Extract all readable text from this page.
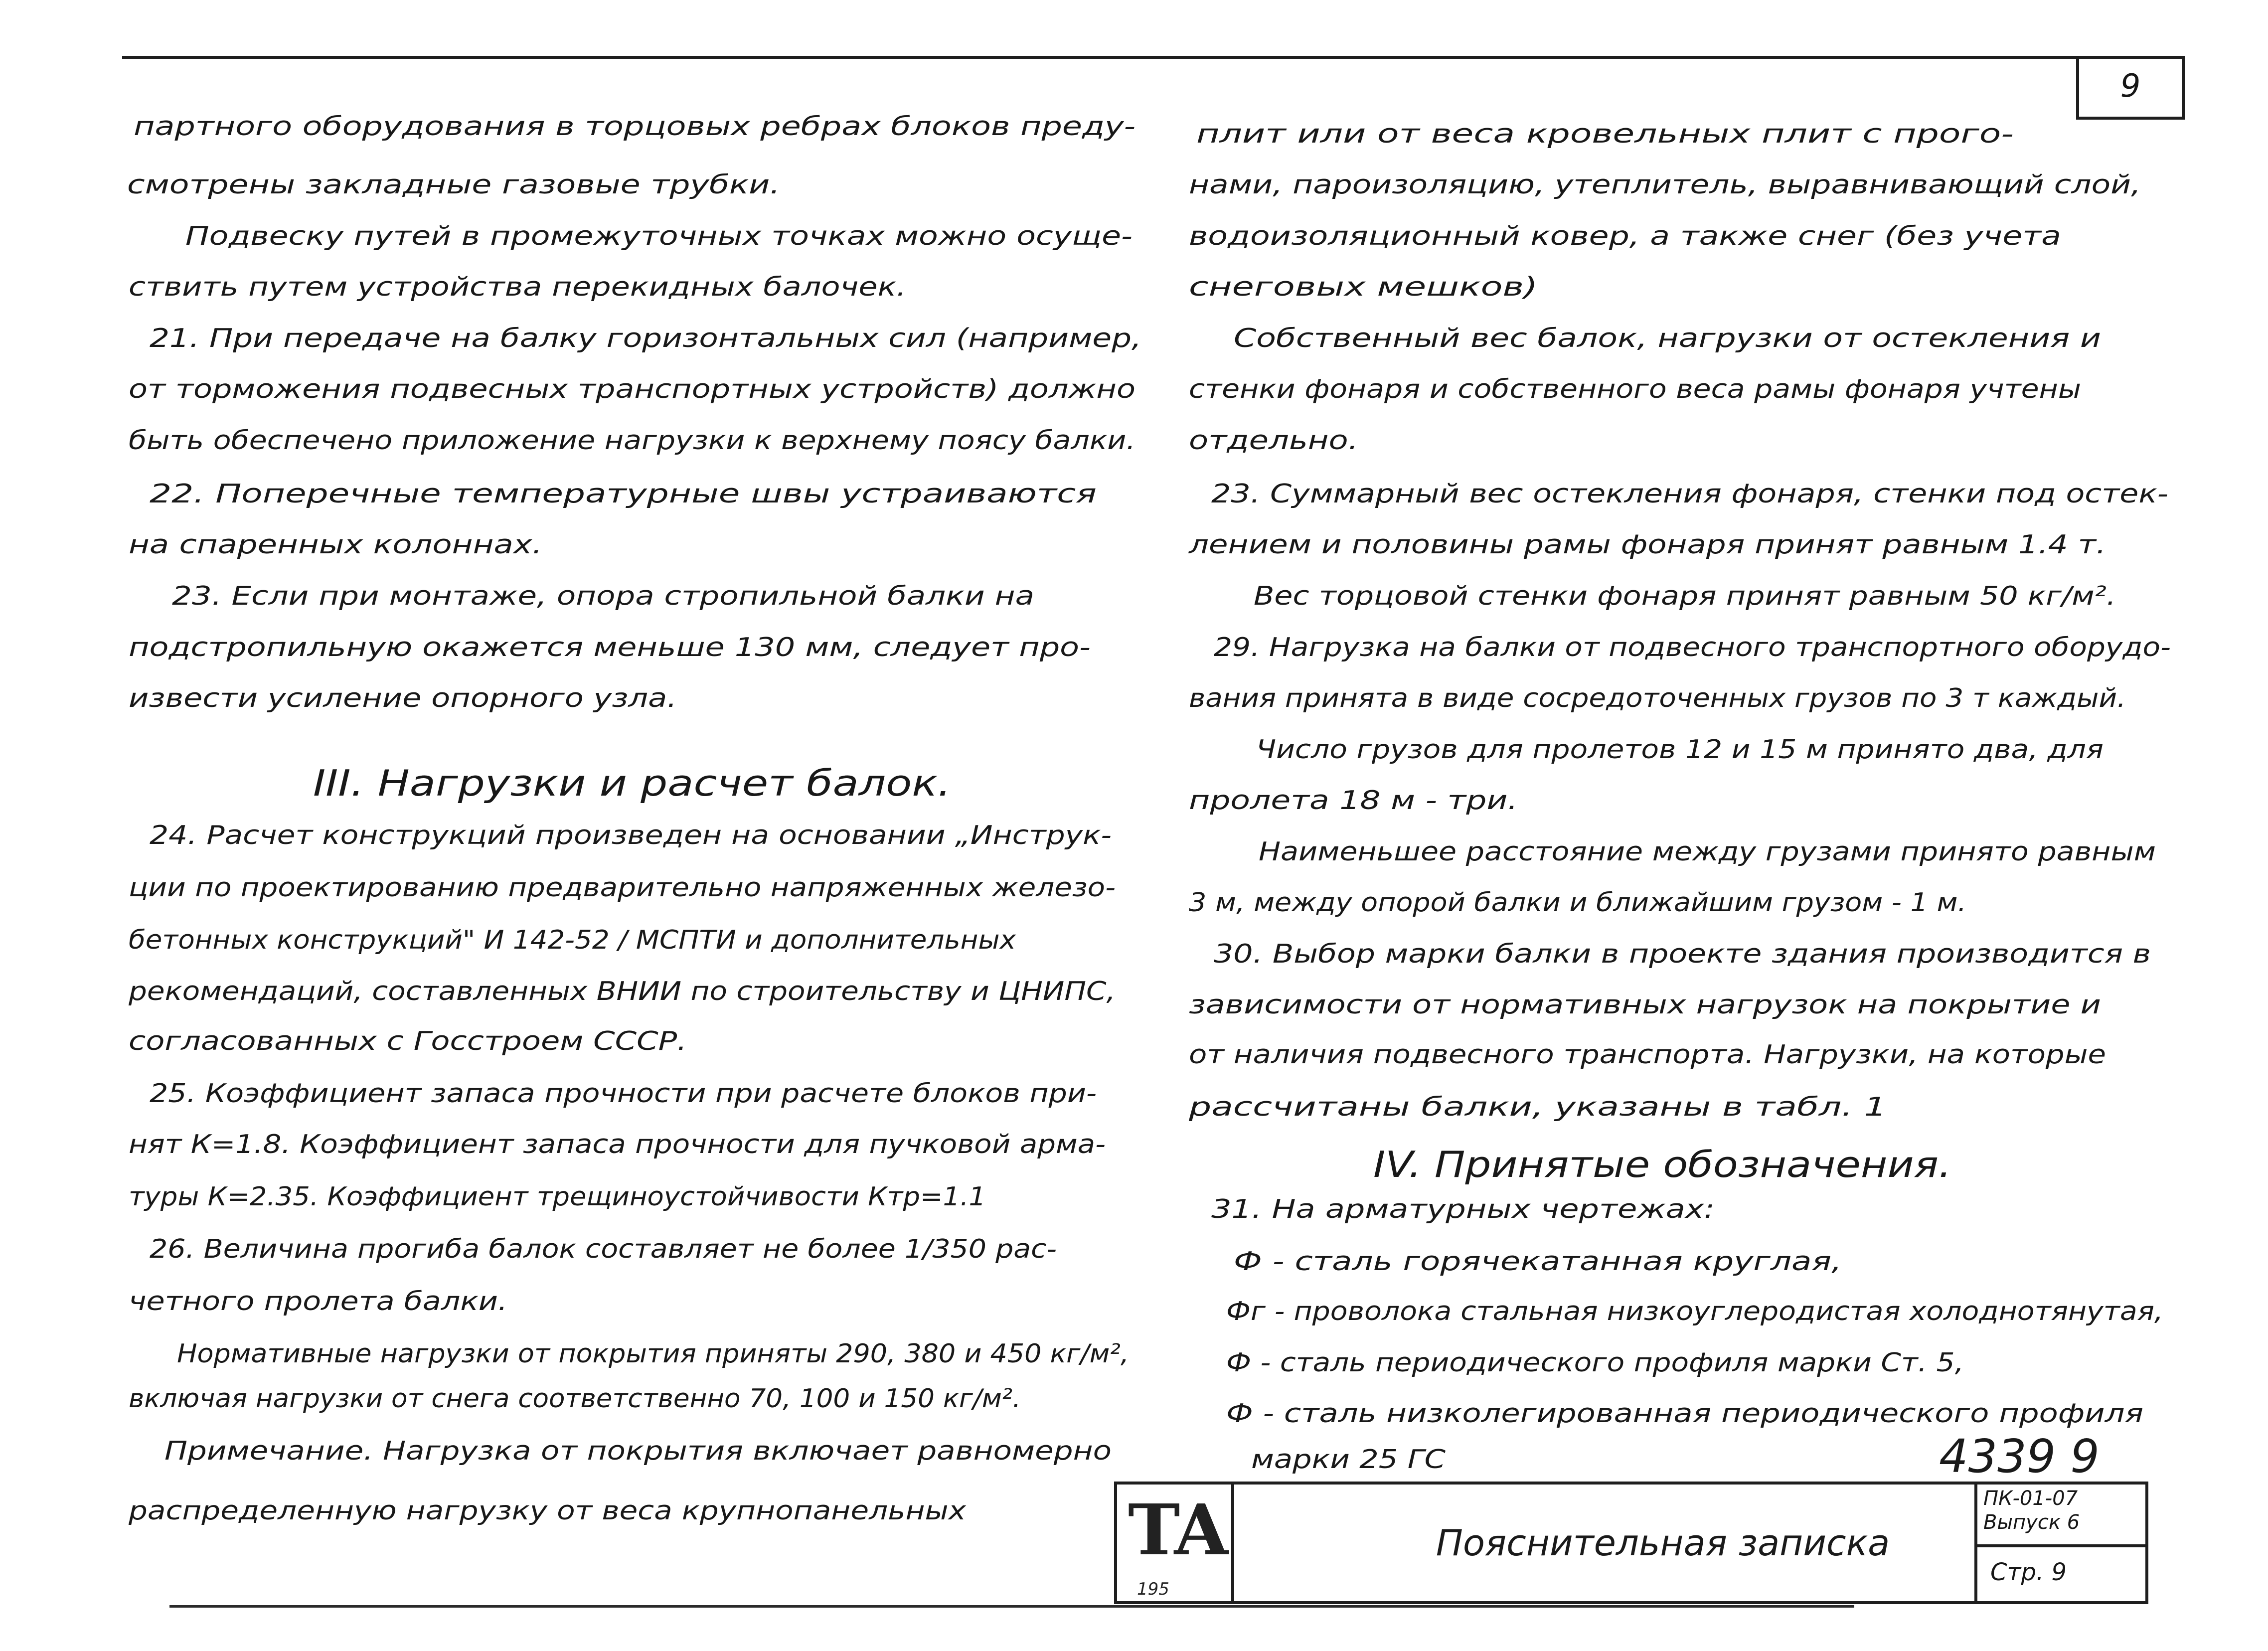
9
партного оборудования в торцовых ребрах блоков преду-
смотрены закладные газовые трубки.
Подвеску путей в промежуточных точках можно осуще-
ствить путем устройства перекидных балочек.
21. При передаче на балку горизонтальных сил (например,
от торможения подвесных транспортных устройств) должно
быть обеспечено приложение нагрузки к верхнему поясу балки.
22. Поперечные температурные швы устраиваются
на спаренных колоннах.
23. Если при монтаже, опора стропильной балки на
подстропильную окажется меньше 130 мм, следует про-
извести усиление опорного узла.
III. Нагрузки и расчет балок.
24. Расчет конструкций произведен на основании „Инструк-
ции по проектированию предварительно напряженных железо-
бетонных конструкций" И 142-52 / МСПТИ и дополнительных
рекомендаций, составленных ВНИИ по строительству и ЦНИПС,
согласованных с Госстроем СССР.
25. Коэффициент запаса прочности при расчете блоков при-
нят К=1.8. Коэффициент запаса прочности для пучковой арма-
туры К=2.35. Коэффициент трещиноустойчивости Ктр=1.1
26. Величина прогиба балок составляет не более 1/350 рас-
четного пролета балки.
Нормативные нагрузки от покрытия приняты 290, 380 и 450 кг/м²,
включая нагрузки от снега соответственно 70, 100 и 150 кг/м².
Примечание. Нагрузка от покрытия включает равномерно
распределенную нагрузку от веса крупнопанельных
плит или от веса кровельных плит с прого-
нами, пароизоляцию, утеплитель, выравнивающий слой,
водоизоляционный ковер, а также снег (без учета
снеговых мешков)
Собственный вес балок, нагрузки от остекления и
стенки фонаря и собственного веса рамы фонаря учтены
отдельно.
23. Суммарный вес остекления фонаря, стенки под остек-
лением и половины рамы фонаря принят равным 1.4 т.
Вес торцовой стенки фонаря принят равным 50 кг/м².
29. Нагрузка на балки от подвесного транспортного оборудо-
вания принята в виде сосредоточенных грузов по 3 т каждый.
Число грузов для пролетов 12 и 15 м принято два, для
пролета 18 м - три.
Наименьшее расстояние между грузами принято равным
3 м, между опорой балки и ближайшим грузом - 1 м.
30. Выбор марки балки в проекте здания производится в
зависимости от нормативных нагрузок на покрытие и
от наличия подвесного транспорта. Нагрузки, на которые
рассчитаны балки, указаны в табл. 1
IV. Принятые обозначения.
31. На арматурных чертежах:
Ф - сталь горячекатанная круглая,
Фг - проволока стальная низкоуглеродистая холоднотянутая,
Ф - сталь периодического профиля марки Ст. 5,
Ф - сталь низколегированная периодического профиля
марки 25 ГС	4339 9
ТА
195
Пояснительная записка
ПК-01-07
Выпуск 6
Стр. 9
